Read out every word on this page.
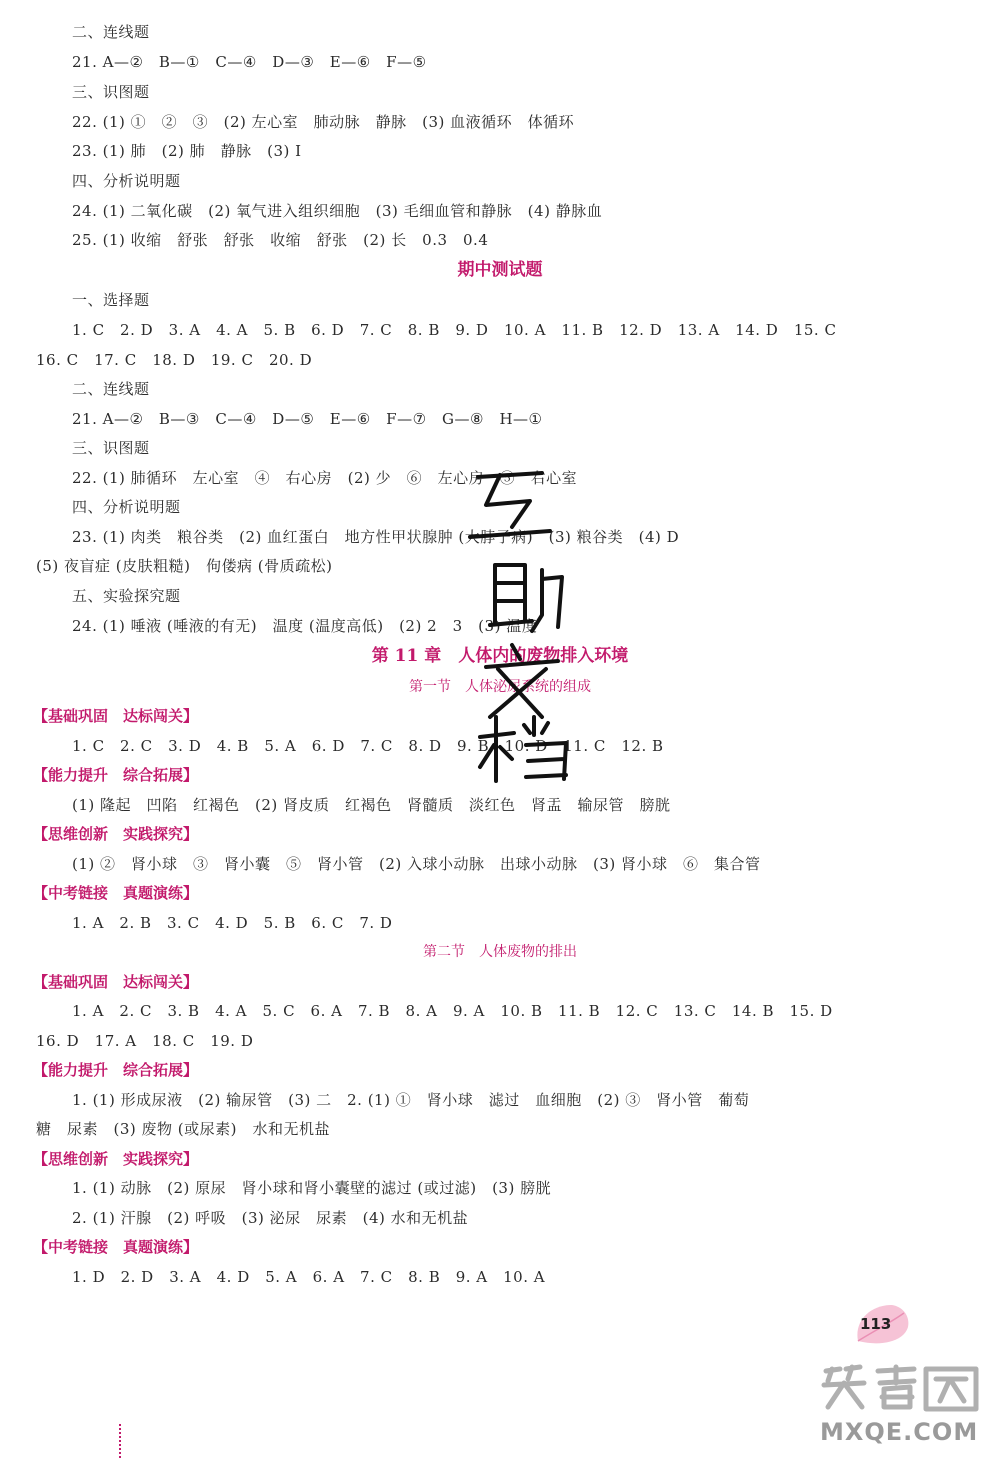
二、连线题
21. A—②　B—①　C—④　D—③　E—⑥　F—⑤
三、识图题
22. (1) ①　②　③　(2) 左心室　肺动脉　静脉　(3) 血液循环　体循环
23. (1) 肺　(2) 肺　静脉　(3) Ⅰ
四、分析说明题
24. (1) 二氧化碳　(2) 氧气进入组织细胞　(3) 毛细血管和静脉　(4) 静脉血
25. (1) 收缩　舒张　舒张　收缩　舒张　(2) 长　0.3　0.4
期中测试题
一、选择题
1. C　2. D　3. A　4. A　5. B　6. D　7. C　8. B　9. D　10. A　11. B　12. D　13. A　14. D　15. C
16. C　17. C　18. D　19. C　20. D
二、连线题
21. A—②　B—③　C—④　D—⑤　E—⑥　F—⑦　G—⑧　H—①
三、识图题
22. (1) 肺循环　左心室　④　右心房　(2) 少　⑥　左心房　⑤　右心室
四、分析说明题
23. (1) 肉类　粮谷类　(2) 血红蛋白　地方性甲状腺肿 (大脖子病)　(3) 粮谷类　(4) D
(5) 夜盲症 (皮肤粗糙)　佝偻病 (骨质疏松)
五、实验探究题
24. (1) 唾液 (唾液的有无)　温度 (温度高低)　(2) 2　3　(3) 温度
第 11 章　人体内的废物排入环境
第一节　人体泌尿系统的组成
【基础巩固　达标闯关】
1. C　2. C　3. D　4. B　5. A　6. D　7. C　8. D　9. B　10. D　11. C　12. B
【能力提升　综合拓展】
(1) 隆起　凹陷　红褐色　(2) 肾皮质　红褐色　肾髓质　淡红色　肾盂　输尿管　膀胱
【思维创新　实践探究】
(1) ②　肾小球　③　肾小囊　⑤　肾小管　(2) 入球小动脉　出球小动脉　(3) 肾小球　⑥　集合管
【中考链接　真题演练】
1. A　2. B　3. C　4. D　5. B　6. C　7. D
第二节　人体废物的排出
【基础巩固　达标闯关】
1. A　2. C　3. B　4. A　5. C　6. A　7. B　8. A　9. A　10. B　11. B　12. C　13. C　14. B　15. D
16. D　17. A　18. C　19. D
【能力提升　综合拓展】
1. (1) 形成尿液　(2) 输尿管　(3) 二　2. (1) ①　肾小球　滤过　血细胞　(2) ③　肾小管　葡萄
糖　尿素　(3) 废物 (或尿素)　水和无机盐
【思维创新　实践探究】
1. (1) 动脉　(2) 原尿　肾小球和肾小囊壁的滤过 (或过滤)　(3) 膀胱
2. (1) 汗腺　(2) 呼吸　(3) 泌尿　尿素　(4) 水和无机盐
【中考链接　真题演练】
1. D　2. D　3. A　4. D　5. A　6. A　7. C　8. B　9. A　10. A
113
MXQE.COM
